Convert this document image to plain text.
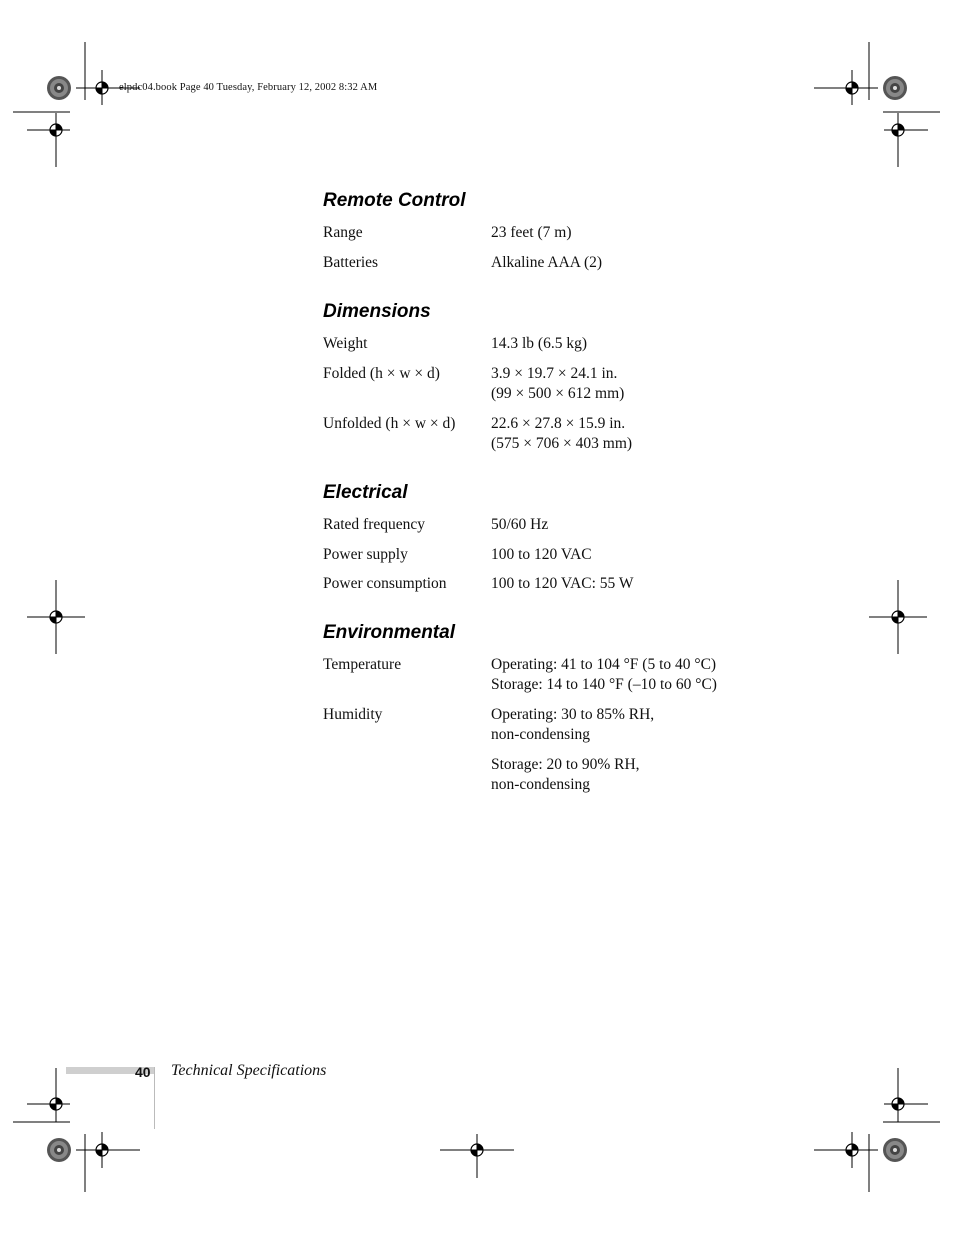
elpdc04.book Page 40 Tuesday, February 12, 2002 8:32 AM
Remote Control
Range	23 feet (7 m)
Batteries	Alkaline AAA (2)
Dimensions
Weight	14.3 lb (6.5 kg)
Folded (h × w × d)	3.9 × 19.7 × 24.1 in.
(99 × 500 × 612 mm)
Unfolded (h × w × d) 22.6 × 27.8 × 15.9 in.
(575 × 706 × 403 mm)
Electrical
Rated frequency	50/60 Hz
Power supply	100 to 120 VAC
Power consumption	100 to 120 VAC: 55 W
Environmental
Temperature	Operating: 41 to 104 °F (5 to 40 °C)
Storage: 14 to 140 °F (–10 to 60 °C)
Humidity	Operating: 30 to 85% RH,
non-condensing
Storage: 20 to 90% RH,
non-condensing
40 Technical Specifications
